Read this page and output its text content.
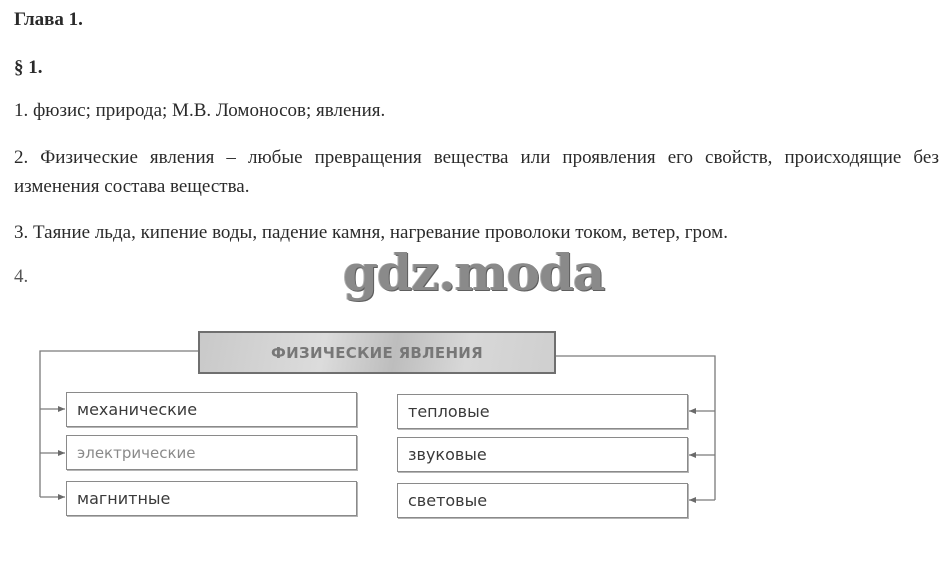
Глава 1.
§ 1.
1. фюзис; природа; М.В. Ломоносов; явления.
2. Физические явления – любые превращения вещества или проявления его свойств, происходящие без изменения состава вещества.
3. Таяние льда, кипение воды, падение камня, нагревание проволоки током, ветер, гром.
4.	gdz.moda
ФИЗИЧЕСКИЕ ЯВЛЕНИЯ
механические
электрические
магнитные
тепловые
звуковые
световые
